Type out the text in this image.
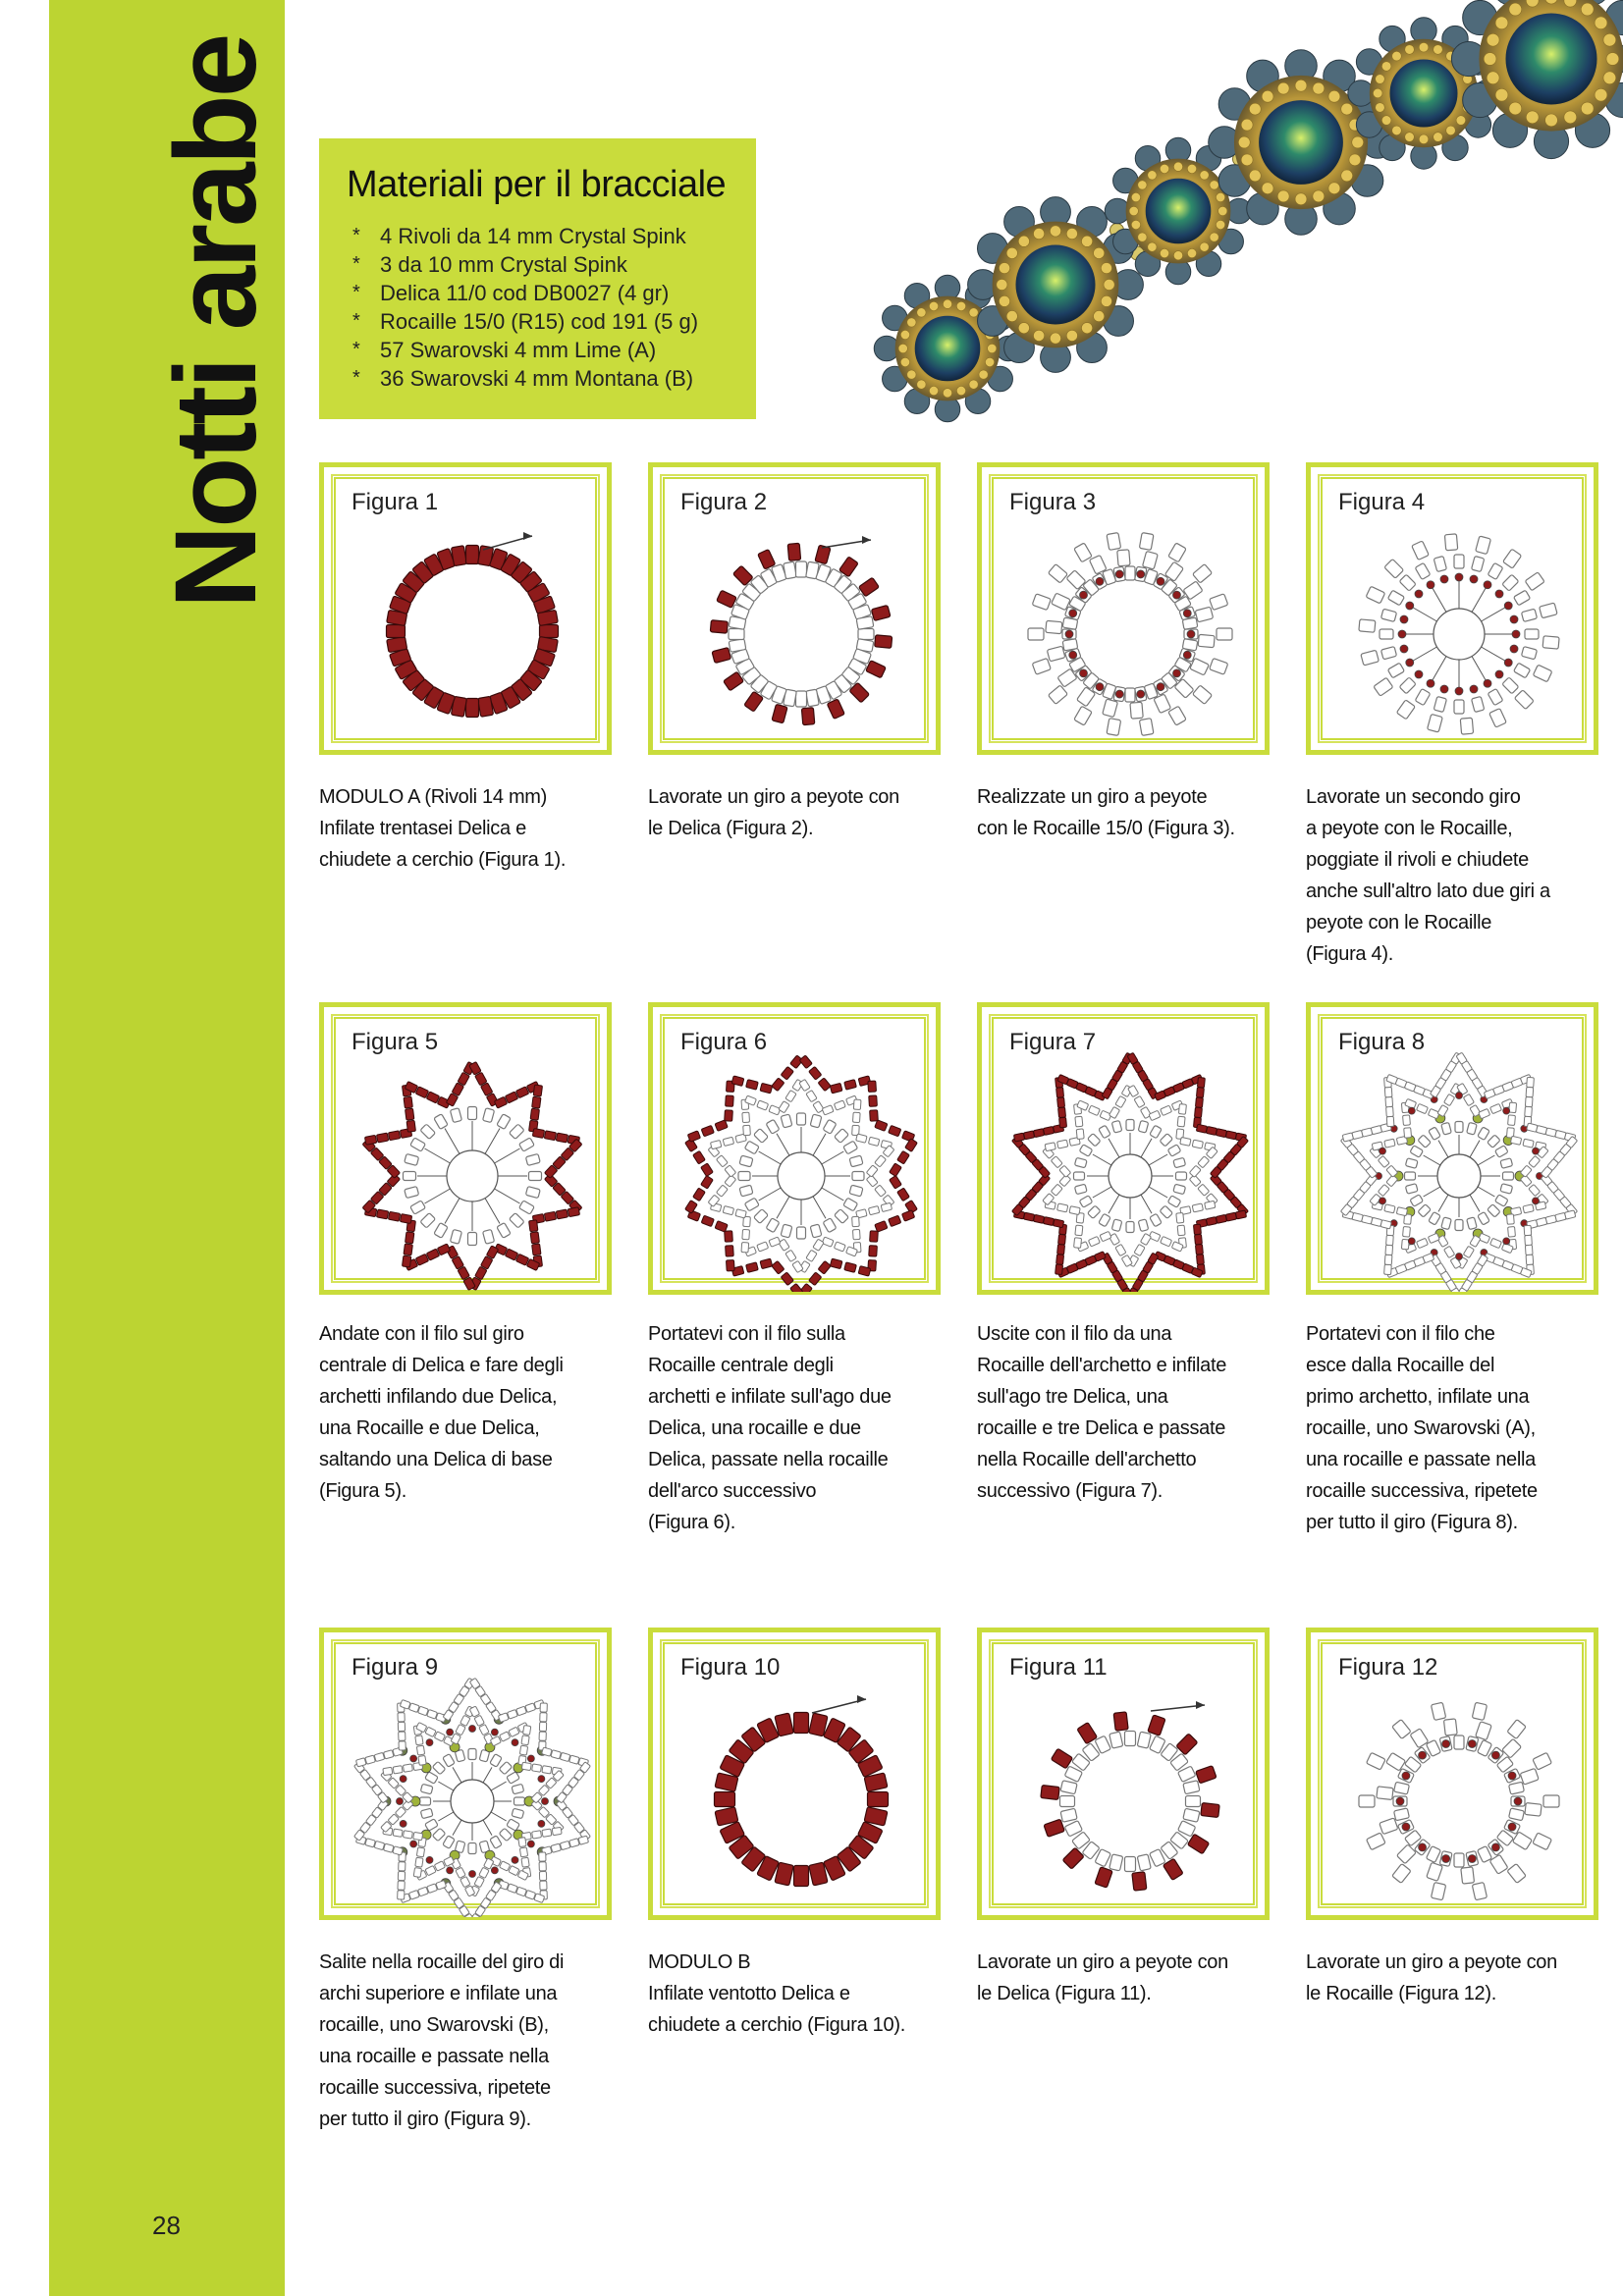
Notti arabe
28
Materiali per il bracciale
* 4 Rivoli da 14 mm Crystal Spink
* 3 da 10 mm Crystal Spink
* Delica 11/0 cod DB0027 (4 gr)
* Rocaille 15/0 (R15) cod 191 (5 g)
* 57 Swarovski 4 mm Lime (A)
* 36 Swarovski 4 mm Montana (B)
Figura 1
MODULO A (Rivoli 14 mm)
Infilate trentasei Delica e
chiudete a cerchio (Figura 1).
Figura 2
Lavorate un giro a peyote con
le Delica (Figura 2).
Figura 3
Realizzate un giro a peyote
con le Rocaille 15/0 (Figura 3).
Figura 4
Lavorate un secondo giro
a peyote con le Rocaille,
poggiate il rivoli e chiudete
anche sull'altro lato due giri a
peyote con le Rocaille
(Figura 4).
Figura 5
Andate con il filo sul giro
centrale di Delica e fare degli
archetti infilando due Delica,
una Rocaille e due Delica,
saltando una Delica di base
(Figura 5).
Figura 6
Portatevi con il filo sulla
Rocaille centrale degli
archetti e infilate sull'ago due
Delica, una rocaille e due
Delica, passate nella rocaille
dell'arco successivo
(Figura 6).
Figura 7
Uscite con il filo da una
Rocaille dell'archetto e infilate
sull'ago tre Delica, una
rocaille e tre Delica e passate
nella Rocaille dell'archetto
successivo (Figura 7).
Figura 8
Portatevi con il filo che
esce dalla Rocaille del
primo archetto, infilate una
rocaille, uno Swarovski (A),
una rocaille e passate nella
rocaille successiva, ripetete
per tutto il giro (Figura 8).
Figura 9
Salite nella rocaille del giro di
archi superiore e infilate una
rocaille, uno Swarovski (B),
una rocaille e passate nella
rocaille successiva, ripetete
per tutto il giro (Figura 9).
Figura 10
MODULO B
Infilate ventotto Delica e
chiudete a cerchio (Figura 10).
Figura 11
Lavorate un giro a peyote con
le Delica (Figura 11).
Figura 12
Lavorate un giro a peyote con
le Rocaille (Figura 12).
